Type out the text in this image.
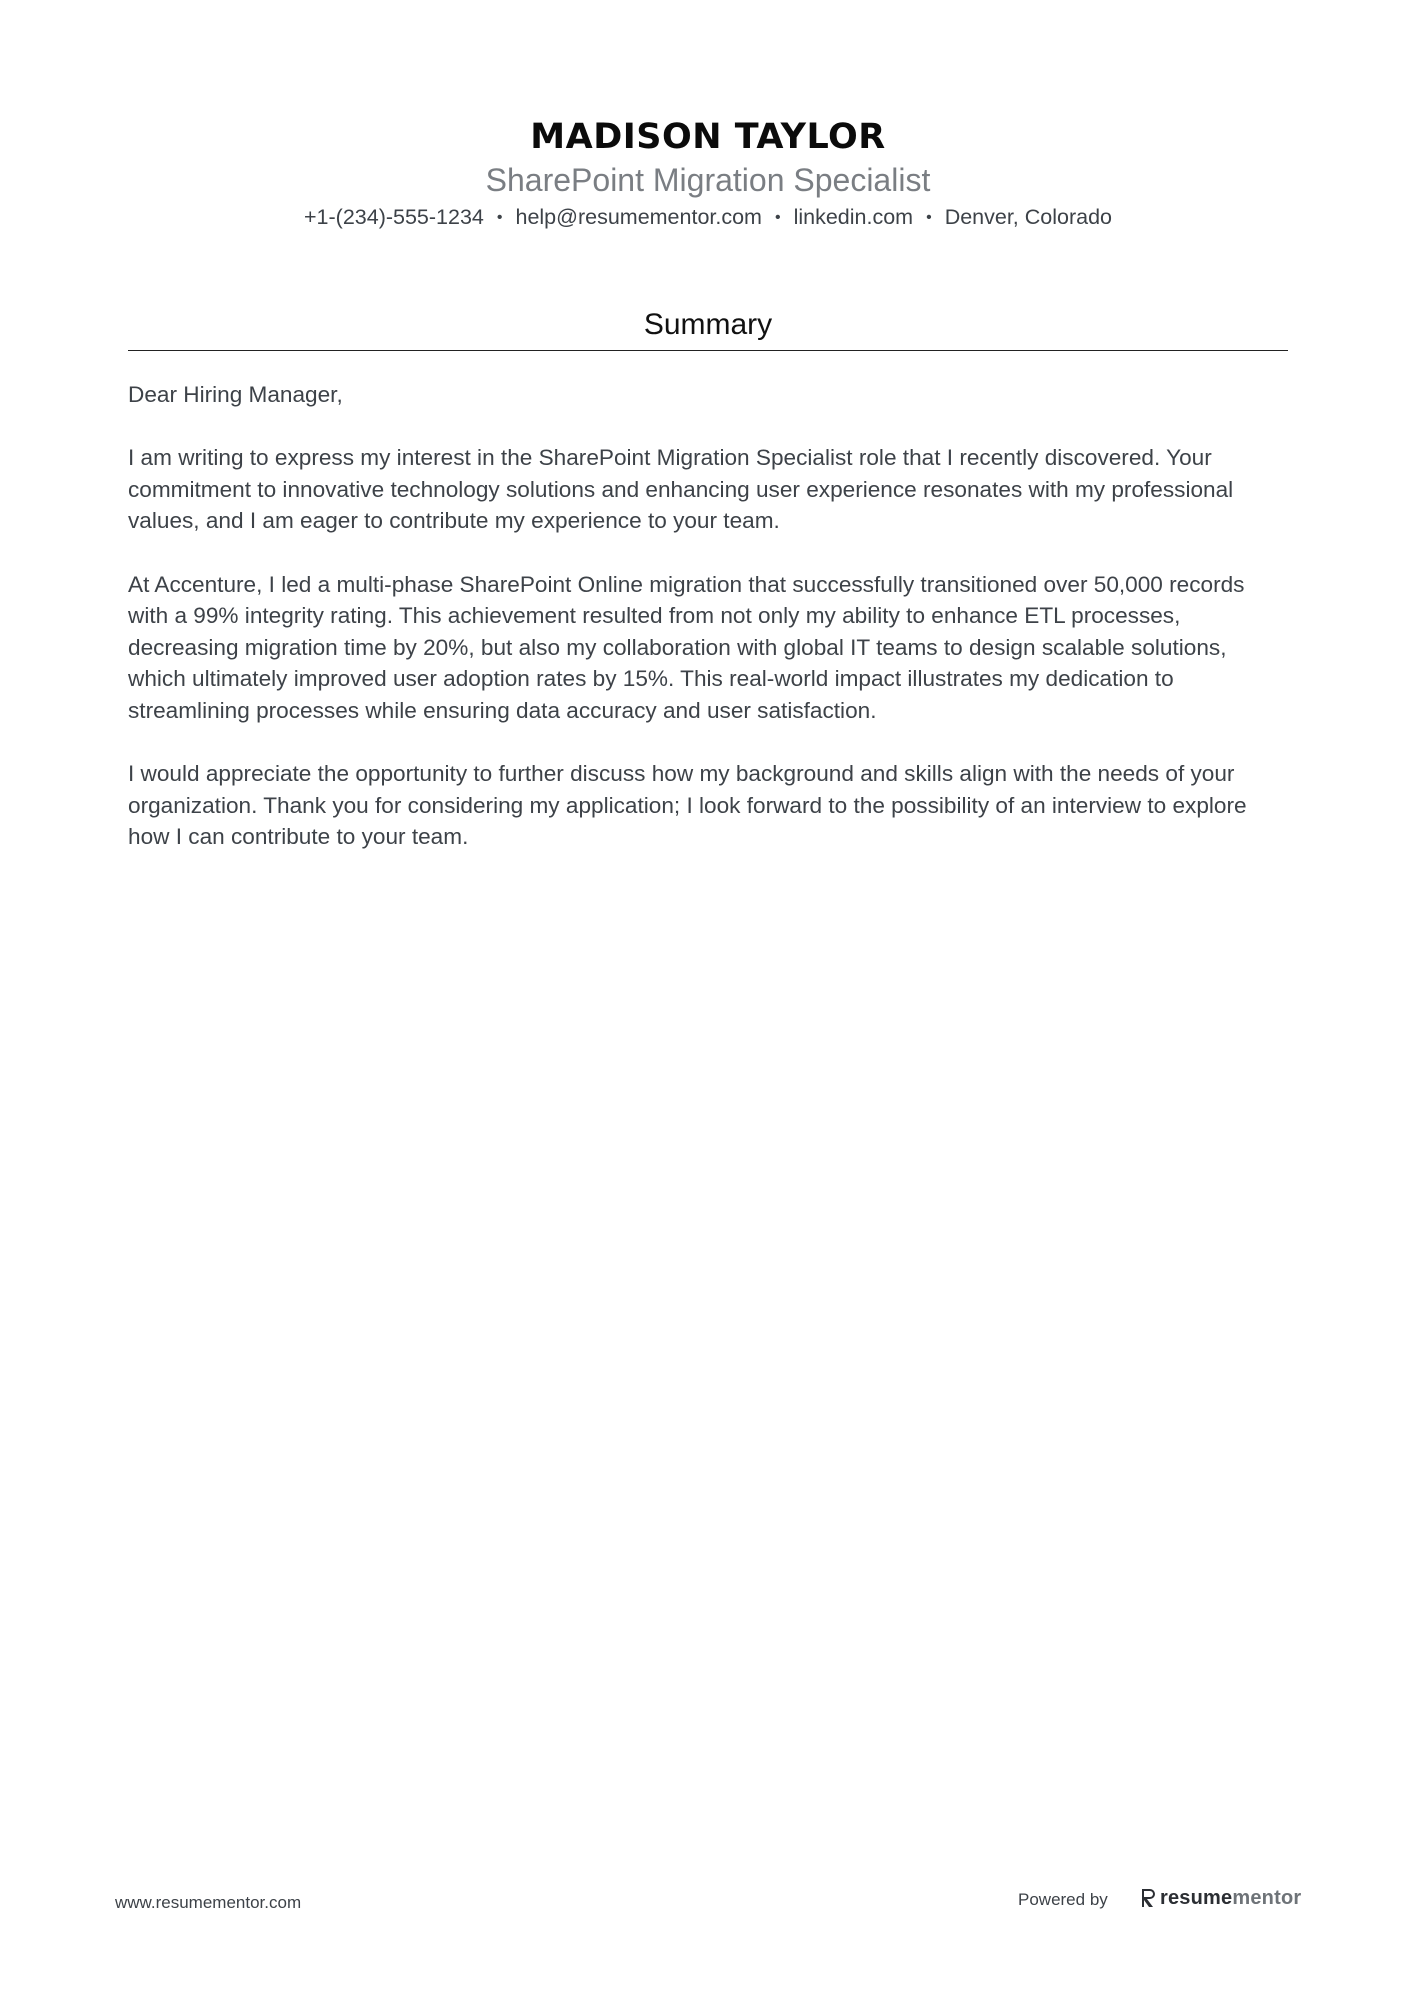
MADISON TAYLOR
SharePoint Migration Specialist
+1-(234)-555-1234 • help@resumementor.com • linkedin.com • Denver, Colorado
Summary

Dear Hiring Manager,

I am writing to express my interest in the SharePoint Migration Specialist role that I recently discovered. Your commitment to innovative technology solutions and enhancing user experience resonates with my professional values, and I am eager to contribute my experience to your team.

At Accenture, I led a multi-phase SharePoint Online migration that successfully transitioned over 50,000 records with a 99% integrity rating. This achievement resulted from not only my ability to enhance ETL processes, decreasing migration time by 20%, but also my collaboration with global IT teams to design scalable solutions, which ultimately improved user adoption rates by 15%. This real-world impact illustrates my dedication to streamlining processes while ensuring data accuracy and user satisfaction.

I would appreciate the opportunity to further discuss how my background and skills align with the needs of your organization. Thank you for considering my application; I look forward to the possibility of an interview to explore how I can contribute to your team.

www.resumementor.com	Powered by	resume mentor
